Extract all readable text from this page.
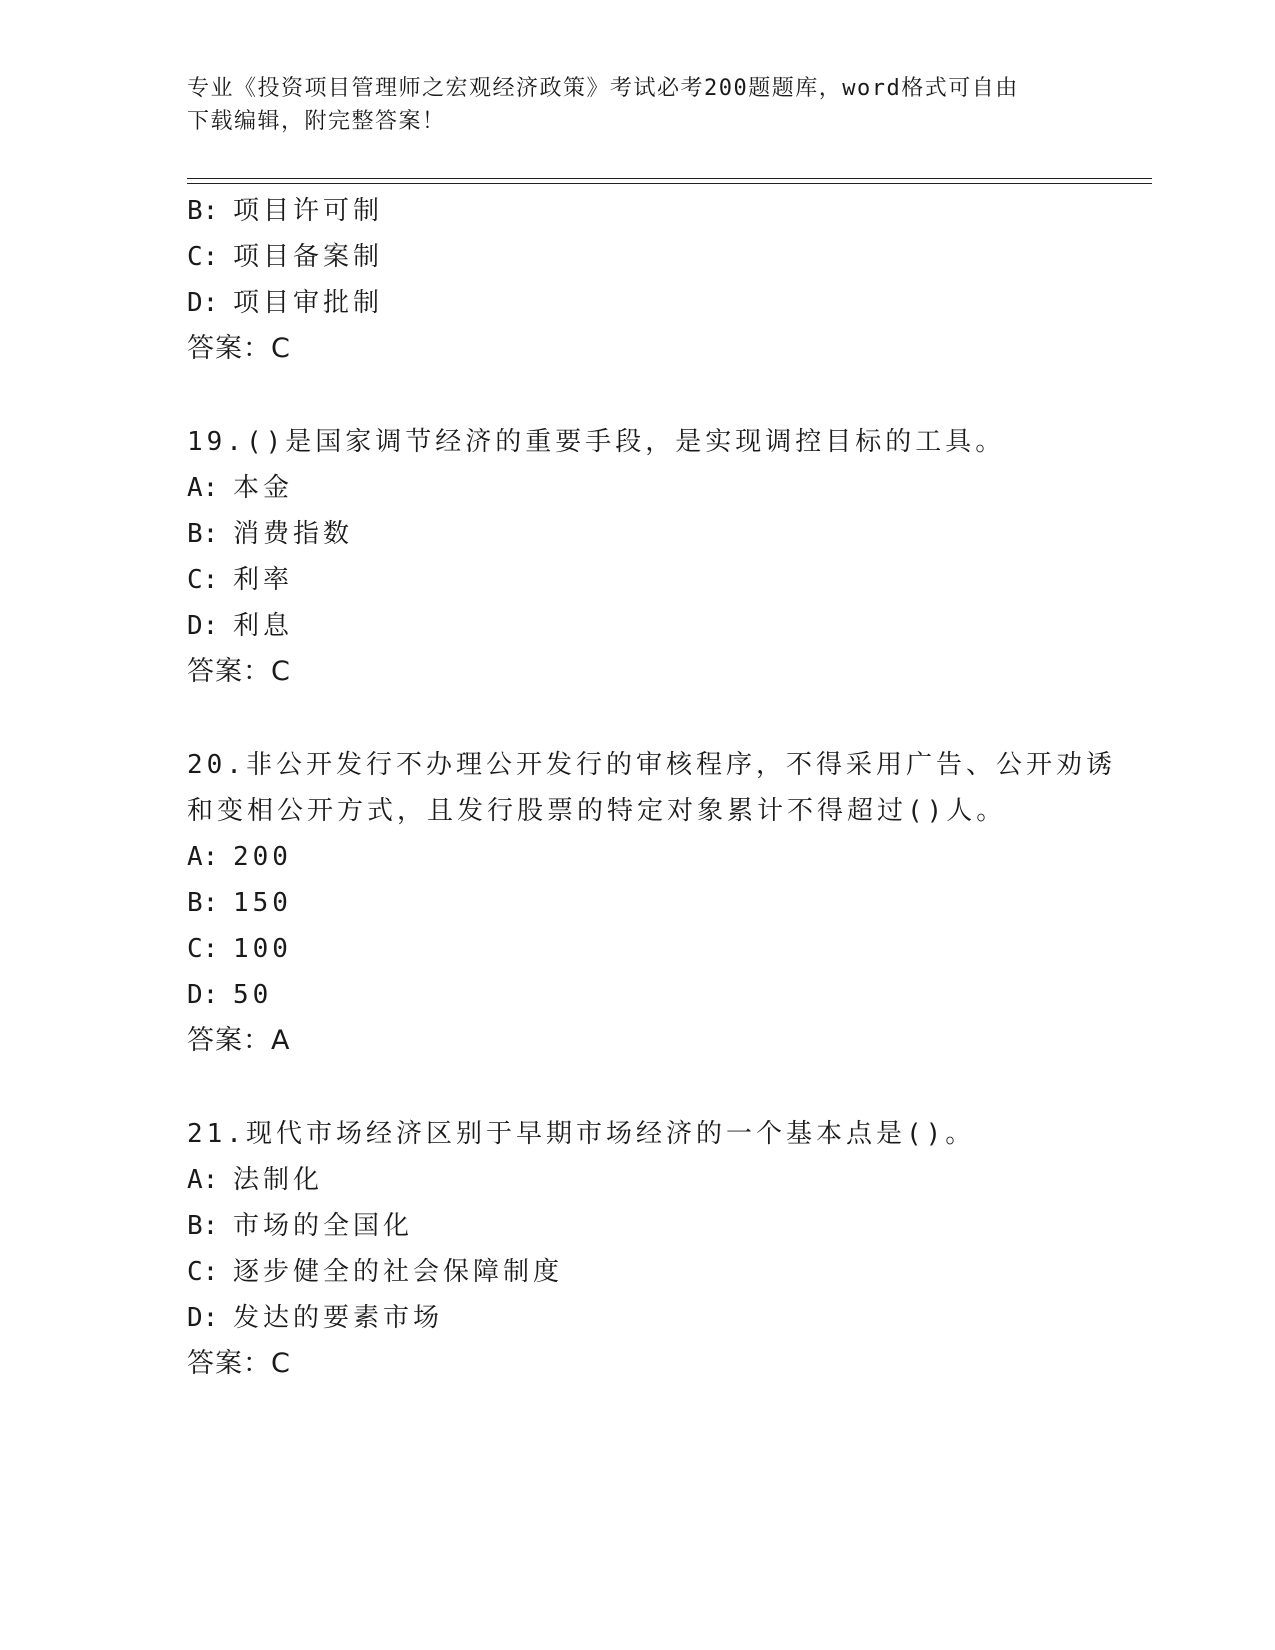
专业《投资项目管理师之宏观经济政策》考试必考200题题库，word格式可自由
下载编辑，附完整答案！
B: 项目许可制
C: 项目备案制
D: 项目审批制
答案：C
19.()是国家调节经济的重要手段，是实现调控目标的工具。
A: 本金
B: 消费指数
C: 利率
D: 利息
答案：C
20.非公开发行不办理公开发行的审核程序，不得采用广告、公开劝诱
和变相公开方式，且发行股票的特定对象累计不得超过()人。
A: 200
B: 150
C: 100
D: 50
答案：A
21.现代市场经济区别于早期市场经济的一个基本点是()。
A: 法制化
B: 市场的全国化
C: 逐步健全的社会保障制度
D: 发达的要素市场
答案：C
